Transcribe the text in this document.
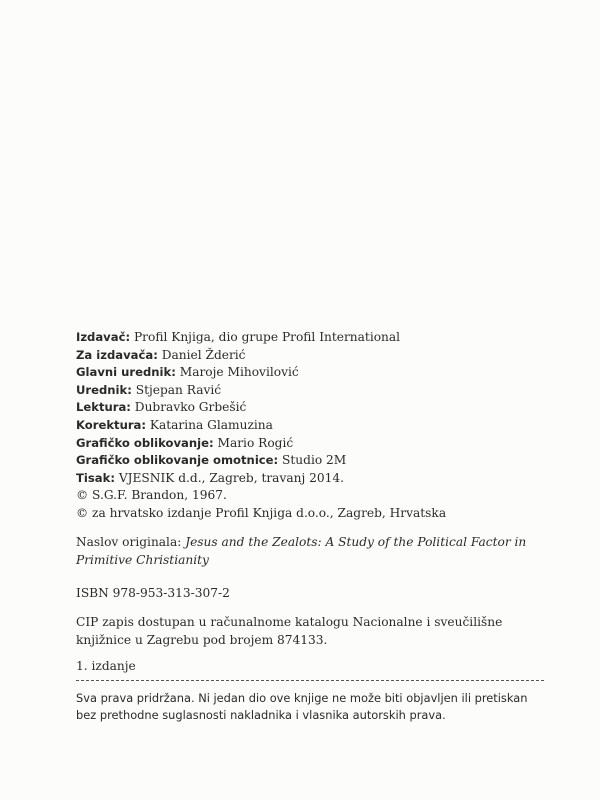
Izdavač: Profil Knjiga, dio grupe Profil International
Za izdavača: Daniel Žderić
Glavni urednik: Maroje Mihovilović
Urednik: Stjepan Ravić
Lektura: Dubravko Grbešić
Korektura: Katarina Glamuzina
Grafičko oblikovanje: Mario Rogić
Grafičko oblikovanje omotnice: Studio 2M
Tisak: VJESNIK d.d., Zagreb, travanj 2014.
© S.G.F. Brandon, 1967.
© za hrvatsko izdanje Profil Knjiga d.o.o., Zagreb, Hrvatska
Naslov originala: Jesus and the Zealots: A Study of the Political Factor in Primitive Christianity
ISBN 978-953-313-307-2
CIP zapis dostupan u računalnome katalogu Nacionalne i sveučilišne knjižnice u Zagrebu pod brojem 874133.
1. izdanje
Sva prava pridržana. Ni jedan dio ove knjige ne može biti objavljen ili pretiskan bez prethodne suglasnosti nakladnika i vlasnika autorskih prava.
